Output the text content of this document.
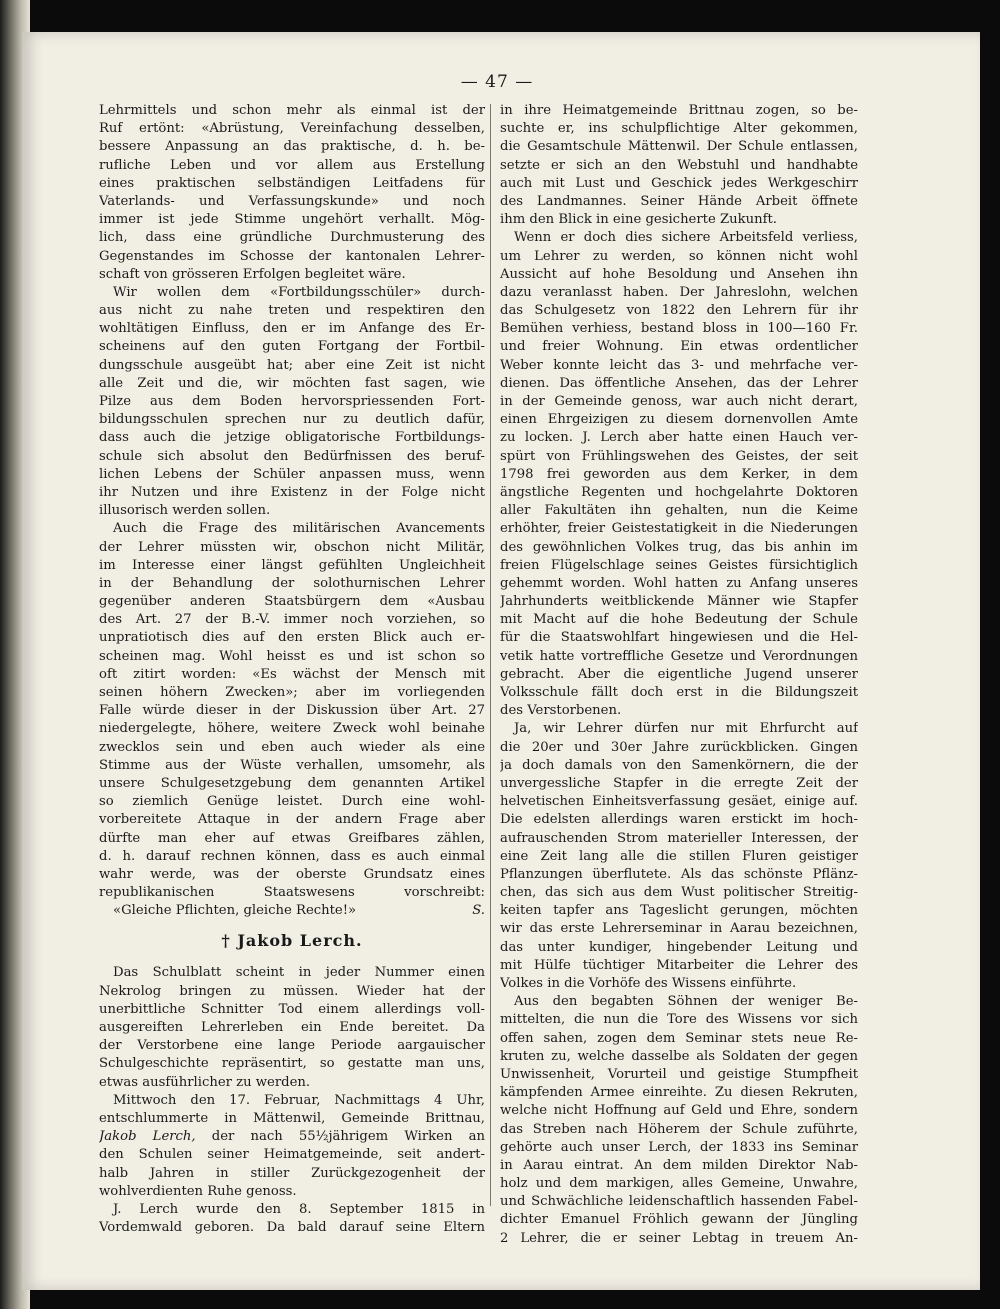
— 47 —
Lehrmittels und schon mehr als einmal ist der
Ruf ertönt: «Abrüstung, Vereinfachung desselben,
bessere Anpassung an das praktische, d. h. be-
rufliche Leben und vor allem aus Erstellung
eines praktischen selbständigen Leitfadens für
Vaterlands- und Verfassungskunde» und noch
immer ist jede Stimme ungehört verhallt. Mög-
lich, dass eine gründliche Durchmusterung des
Gegenstandes im Schosse der kantonalen Lehrer-
schaft von grösseren Erfolgen begleitet wäre.
Wir wollen dem «Fortbildungsschüler» durch-
aus nicht zu nahe treten und respektiren den
wohltätigen Einfluss, den er im Anfange des Er-
scheinens auf den guten Fortgang der Fortbil-
dungsschule ausgeübt hat; aber eine Zeit ist nicht
alle Zeit und die, wir möchten fast sagen, wie
Pilze aus dem Boden hervorspriessenden Fort-
bildungsschulen sprechen nur zu deutlich dafür,
dass auch die jetzige obligatorische Fortbildungs-
schule sich absolut den Bedürfnissen des beruf-
lichen Lebens der Schüler anpassen muss, wenn
ihr Nutzen und ihre Existenz in der Folge nicht
illusorisch werden sollen.
Auch die Frage des militärischen Avancements
der Lehrer müssten wir, obschon nicht Militär,
im Interesse einer längst gefühlten Ungleichheit
in der Behandlung der solothurnischen Lehrer
gegenüber anderen Staatsbürgern dem «Ausbau
des Art. 27 der B.-V. immer noch vorziehen, so
unpratiotisch dies auf den ersten Blick auch er-
scheinen mag. Wohl heisst es und ist schon so
oft zitirt worden: «Es wächst der Mensch mit
seinen höhern Zwecken»; aber im vorliegenden
Falle würde dieser in der Diskussion über Art. 27
niedergelegte, höhere, weitere Zweck wohl beinahe
zwecklos sein und eben auch wieder als eine
Stimme aus der Wüste verhallen, umsomehr, als
unsere Schulgesetzgebung dem genannten Artikel
so ziemlich Genüge leistet. Durch eine wohl-
vorbereitete Attaque in der andern Frage aber
dürfte man eher auf etwas Greifbares zählen,
d. h. darauf rechnen können, dass es auch einmal
wahr werde, was der oberste Grundsatz eines
republikanischen Staatswesens vorschreibt:
«Gleiche Pflichten, gleiche Rechte!»	S.
† Jakob Lerch.
Das Schulblatt scheint in jeder Nummer einen
Nekrolog bringen zu müssen. Wieder hat der
unerbittliche Schnitter Tod einem allerdings voll-
ausgereiften Lehrerleben ein Ende bereitet. Da
der Verstorbene eine lange Periode aargauischer
Schulgeschichte repräsentirt, so gestatte man uns,
etwas ausführlicher zu werden.
Mittwoch den 17. Februar, Nachmittags 4 Uhr,
entschlummerte in Mättenwil, Gemeinde Brittnau,
Jakob Lerch, der nach 55½jährigem Wirken an
den Schulen seiner Heimatgemeinde, seit andert-
halb Jahren in stiller Zurückgezogenheit der
wohlverdienten Ruhe genoss.
J. Lerch wurde den 8. September 1815 in
Vordemwald geboren. Da bald darauf seine Eltern
in ihre Heimatgemeinde Brittnau zogen, so be-
suchte er, ins schulpflichtige Alter gekommen,
die Gesamtschule Mättenwil. Der Schule entlassen,
setzte er sich an den Webstuhl und handhabte
auch mit Lust und Geschick jedes Werkgeschirr
des Landmannes. Seiner Hände Arbeit öffnete
ihm den Blick in eine gesicherte Zukunft.
Wenn er doch dies sichere Arbeitsfeld verliess,
um Lehrer zu werden, so können nicht wohl
Aussicht auf hohe Besoldung und Ansehen ihn
dazu veranlasst haben. Der Jahreslohn, welchen
das Schulgesetz von 1822 den Lehrern für ihr
Bemühen verhiess, bestand bloss in 100—160 Fr.
und freier Wohnung. Ein etwas ordentlicher
Weber konnte leicht das 3- und mehrfache ver-
dienen. Das öffentliche Ansehen, das der Lehrer
in der Gemeinde genoss, war auch nicht derart,
einen Ehrgeizigen zu diesem dornenvollen Amte
zu locken. J. Lerch aber hatte einen Hauch ver-
spürt von Frühlingswehen des Geistes, der seit
1798 frei geworden aus dem Kerker, in dem
ängstliche Regenten und hochgelahrte Doktoren
aller Fakultäten ihn gehalten, nun die Keime
erhöhter, freier Geistestatigkeit in die Niederungen
des gewöhnlichen Volkes trug, das bis anhin im
freien Flügelschlage seines Geistes fürsichtiglich
gehemmt worden. Wohl hatten zu Anfang unseres
Jahrhunderts weitblickende Männer wie Stapfer
mit Macht auf die hohe Bedeutung der Schule
für die Staatswohlfart hingewiesen und die Hel-
vetik hatte vortreffliche Gesetze und Verordnungen
gebracht. Aber die eigentliche Jugend unserer
Volksschule fällt doch erst in die Bildungszeit
des Verstorbenen.
Ja, wir Lehrer dürfen nur mit Ehrfurcht auf
die 20er und 30er Jahre zurückblicken. Gingen
ja doch damals von den Samenkörnern, die der
unvergessliche Stapfer in die erregte Zeit der
helvetischen Einheitsverfassung gesäet, einige auf.
Die edelsten allerdings waren erstickt im hoch-
aufrauschenden Strom materieller Interessen, der
eine Zeit lang alle die stillen Fluren geistiger
Pflanzungen überflutete. Als das schönste Pflänz-
chen, das sich aus dem Wust politischer Streitig-
keiten tapfer ans Tageslicht gerungen, möchten
wir das erste Lehrerseminar in Aarau bezeichnen,
das unter kundiger, hingebender Leitung und
mit Hülfe tüchtiger Mitarbeiter die Lehrer des
Volkes in die Vorhöfe des Wissens einführte.
Aus den begabten Söhnen der weniger Be-
mittelten, die nun die Tore des Wissens vor sich
offen sahen, zogen dem Seminar stets neue Re-
kruten zu, welche dasselbe als Soldaten der gegen
Unwissenheit, Vorurteil und geistige Stumpfheit
kämpfenden Armee einreihte. Zu diesen Rekruten,
welche nicht Hoffnung auf Geld und Ehre, sondern
das Streben nach Höherem der Schule zuführte,
gehörte auch unser Lerch, der 1833 ins Seminar
in Aarau eintrat. An dem milden Direktor Nab-
holz und dem markigen, alles Gemeine, Unwahre,
und Schwächliche leidenschaftlich hassenden Fabel-
dichter Emanuel Fröhlich gewann der Jüngling
2 Lehrer, die er seiner Lebtag in treuem An-
